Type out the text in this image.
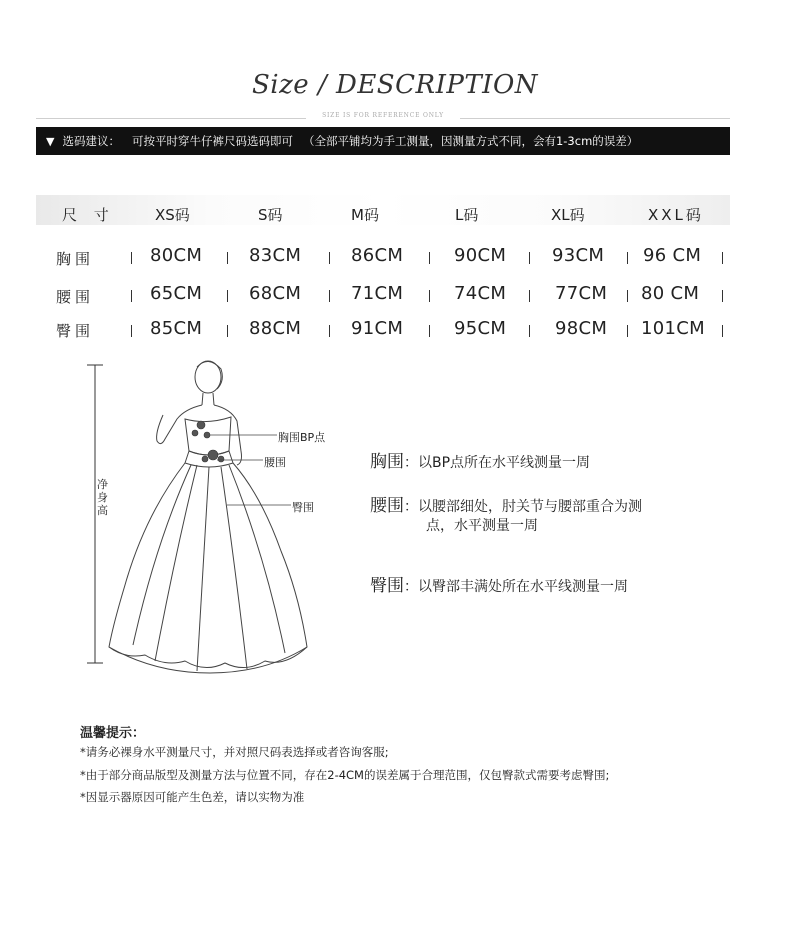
Size / DESCRIPTION
SIZE IS FOR REFERENCE ONLY
▼ 选码建议： 可按平时穿牛仔裤尺码选码即可 （全部平铺均为手工测量，因测量方式不同，会有1-3cm的误差）
尺 寸	XS码	S码	M码	L码	XL码	XXL码
胸围	80CM	83CM	86CM	90CM	93CM 96 CM
腰围	65CM	68CM	71CM	74CM	77CM 80 CM
臀围	85CM	88CM	91CM	95CM	98CM 101CM
净身高
胸围BP点
腰围
臀围
胸围：以BP点所在水平线测量一周
腰围：以腰部细处，肘关节与腰部重合为测
点，水平测量一周
臀围：以臀部丰满处所在水平线测量一周
温馨提示：
*请务必裸身水平测量尺寸，并对照尺码表选择或者咨询客服;
*由于部分商品版型及测量方法与位置不同，存在2-4CM的误差属于合理范围，仅包臀款式需要考虑臀围;
*因显示器原因可能产生色差，请以实物为准
